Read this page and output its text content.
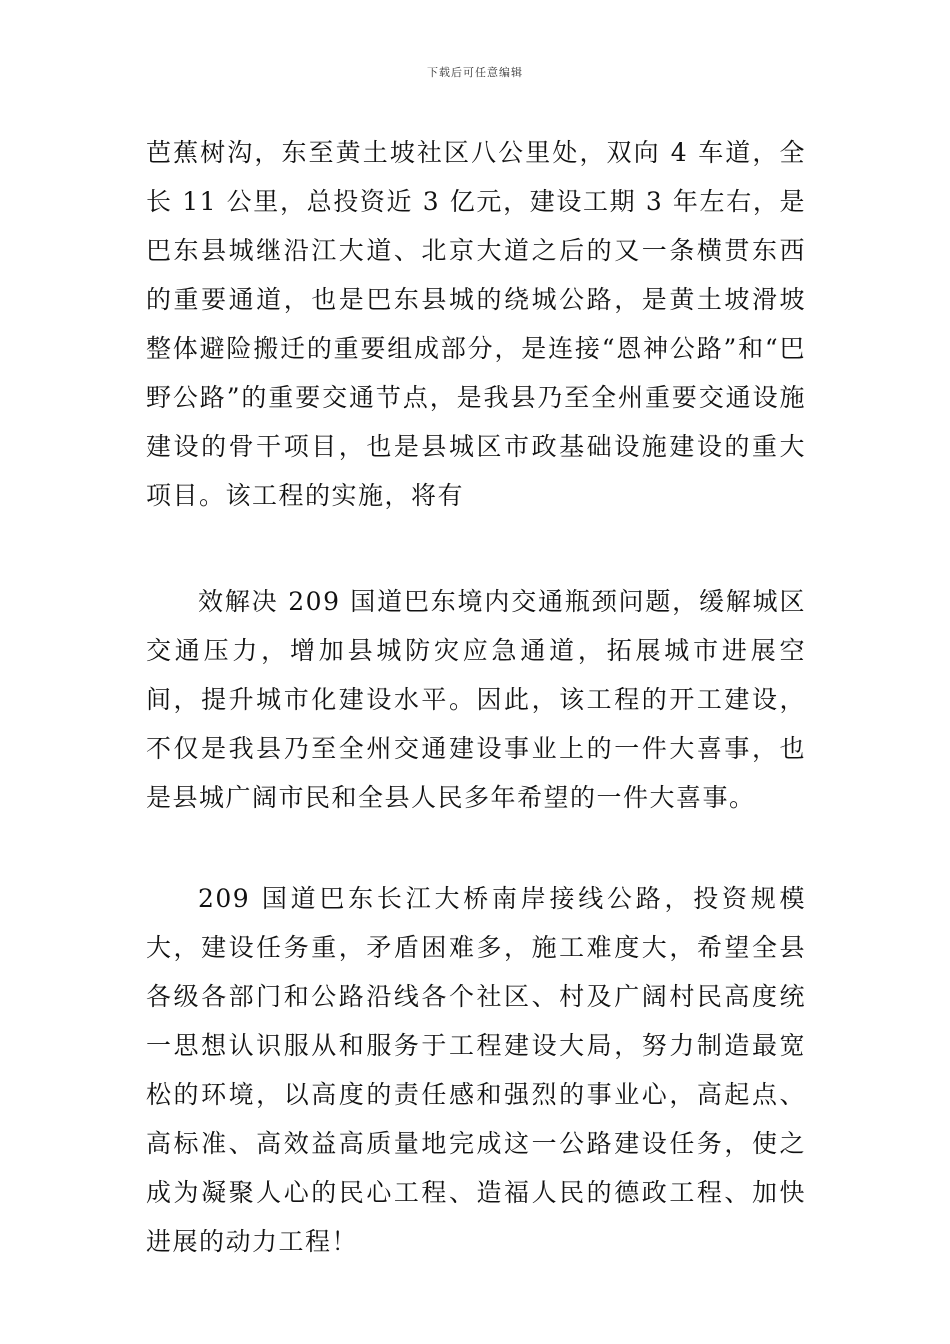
下载后可任意编辑

芭蕉树沟，东至黄土坡社区八公里处，双向 4 车道，全长 11 公里，总投资近 3 亿元，建设工期 3 年左右，是巴东县城继沿江大道、北京大道之后的又一条横贯东西的重要通道，也是巴东县城的绕城公路，是黄土坡滑坡整体避险搬迁的重要组成部分，是连接“恩神公路”和“巴野公路”的重要交通节点，是我县乃至全州重要交通设施建设的骨干项目，也是县城区市政基础设施建设的重大项目。该工程的实施，将有

效解决 209 国道巴东境内交通瓶颈问题，缓解城区交通压力，增加县城防灾应急通道，拓展城市进展空间，提升城市化建设水平。因此，该工程的开工建设，不仅是我县乃至全州交通建设事业上的一件大喜事，也是县城广阔市民和全县人民多年希望的一件大喜事。

209 国道巴东长江大桥南岸接线公路，投资规模大，建设任务重，矛盾困难多，施工难度大，希望全县各级各部门和公路沿线各个社区、村及广阔村民高度统一思想认识服从和服务于工程建设大局，努力制造最宽松的环境，以高度的责任感和强烈的事业心，高起点、高标准、高效益高质量地完成这一公路建设任务，使之成为凝聚人心的民心工程、造福人民的德政工程、加快进展的动力工程！
